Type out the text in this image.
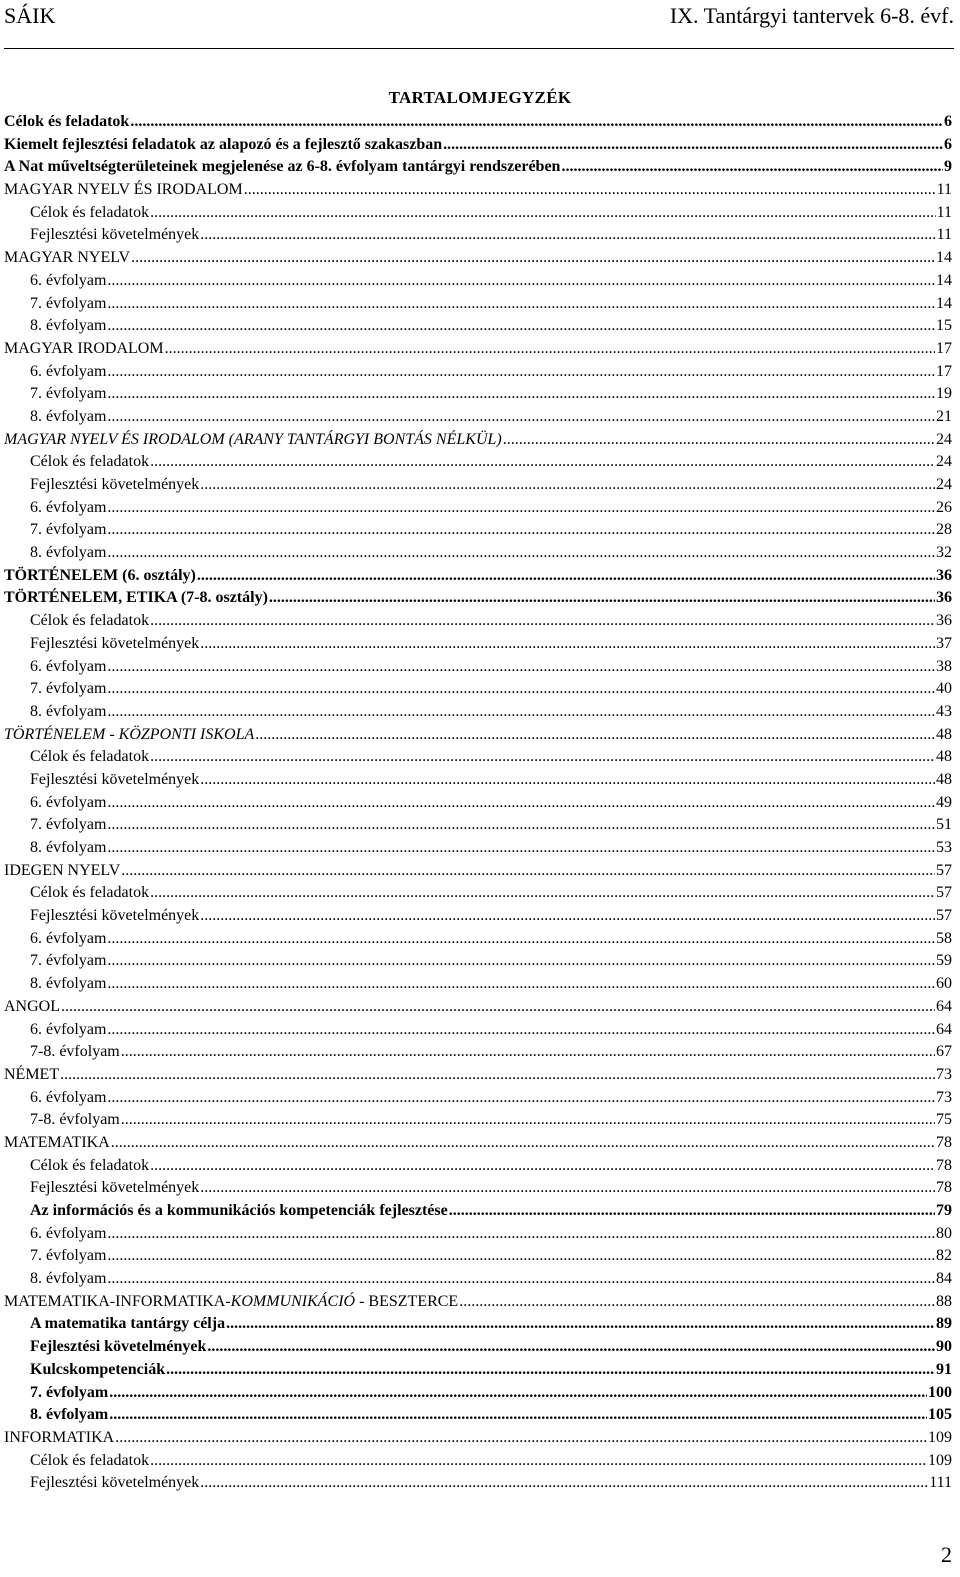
SÁIK	IX. Tantárgyi tantervek 6-8. évf.
TARTALOMJEGYZÉK
Célok és feladatok .....	6
Kiemelt fejlesztési feladatok az alapozó és a fejlesztő szakaszban .....	6
A Nat műveltségterületeinek megjelenése az 6-8. évfolyam tantárgyi rendszerében .....	9
MAGYAR NYELV ÉS IRODALOM .....	11
Célok és feladatok .....	11
Fejlesztési követelmények .....	11
MAGYAR NYELV .....	14
6. évfolyam .....	14
7. évfolyam .....	14
8. évfolyam .....	15
MAGYAR IRODALOM .....	17
6. évfolyam .....	17
7. évfolyam .....	19
8. évfolyam .....	21
MAGYAR NYELV ÉS IRODALOM (ARANY TANTÁRGYI BONTÁS NÉLKÜL) .....	24
Célok és feladatok .....	24
Fejlesztési követelmények .....	24
6. évfolyam .....	26
7. évfolyam .....	28
8. évfolyam .....	32
TÖRTÉNELEM (6. osztály) .....	36
TÖRTÉNELEM, ETIKA (7-8. osztály) .....	36
Célok és feladatok .....	36
Fejlesztési követelmények .....	37
6. évfolyam .....	38
7. évfolyam .....	40
8. évfolyam .....	43
TÖRTÉNELEM - KÖZPONTI ISKOLA .....	48
Célok és feladatok .....	48
Fejlesztési követelmények .....	48
6. évfolyam .....	49
7. évfolyam .....	51
8. évfolyam .....	53
IDEGEN NYELV .....	57
Célok és feladatok .....	57
Fejlesztési követelmények .....	57
6. évfolyam .....	58
7. évfolyam .....	59
8. évfolyam .....	60
ANGOL .....	64
6. évfolyam .....	64
7-8. évfolyam .....	67
NÉMET .....	73
6. évfolyam .....	73
7-8. évfolyam .....	75
MATEMATIKA .....	78
Célok és feladatok .....	78
Fejlesztési követelmények .....	78
Az információs és a kommunikációs kompetenciák fejlesztése .....	79
6. évfolyam .....	80
7. évfolyam .....	82
8. évfolyam .....	84
MATEMATIKA-INFORMATIKA-KOMMUNIKÁCIÓ - BESZTERCE .....	88
A matematika tantárgy célja .....	89
Fejlesztési követelmények .....	90
Kulcskompetenciák .....	91
7. évfolyam .....	100
8. évfolyam .....	105
INFORMATIKA .....	109
Célok és feladatok .....	109
Fejlesztési követelmények .....	111
2
